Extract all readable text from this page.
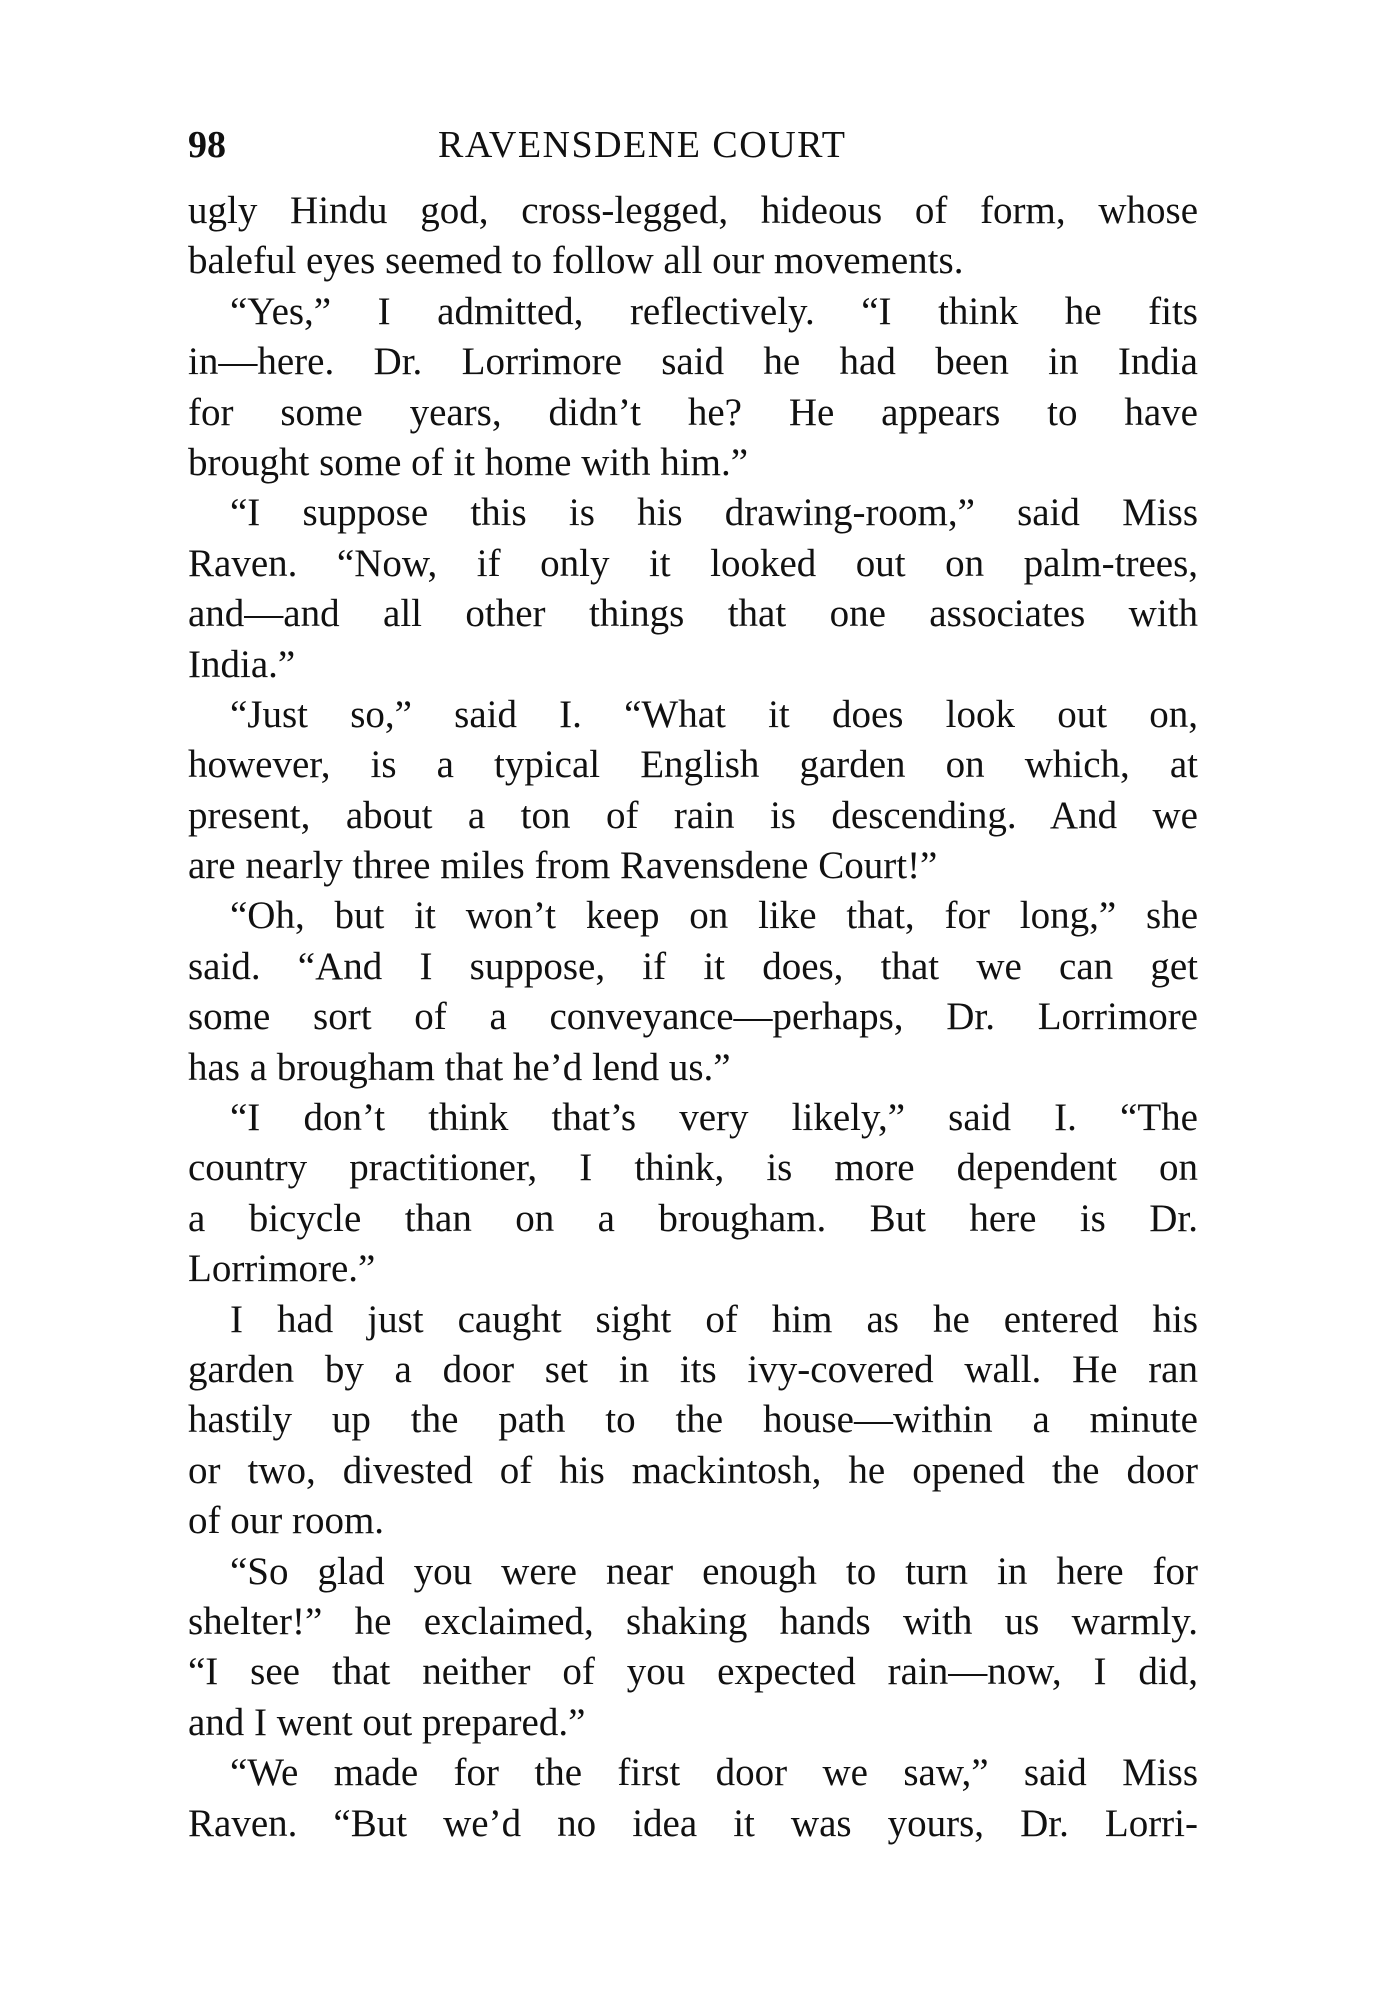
98	RAVENSDENE COURT
ugly Hindu god, cross-legged, hideous of form, whose
baleful eyes seemed to follow all our movements.
“Yes,” I admitted, reflectively. “I think he fits
in—here. Dr. Lorrimore said he had been in India
for some years, didn’t he? He appears to have
brought some of it home with him.”
“I suppose this is his drawing-room,” said Miss
Raven. “Now, if only it looked out on palm-trees,
and—and all other things that one associates with
India.”
“Just so,” said I. “What it does look out on,
however, is a typical English garden on which, at
present, about a ton of rain is descending. And we
are nearly three miles from Ravensdene Court!”
“Oh, but it won’t keep on like that, for long,” she
said. “And I suppose, if it does, that we can get
some sort of a conveyance—perhaps, Dr. Lorrimore
has a brougham that he’d lend us.”
“I don’t think that’s very likely,” said I. “The
country practitioner, I think, is more dependent on
a bicycle than on a brougham. But here is Dr.
Lorrimore.”
I had just caught sight of him as he entered his
garden by a door set in its ivy-covered wall. He ran
hastily up the path to the house—within a minute
or two, divested of his mackintosh, he opened the door
of our room.
“So glad you were near enough to turn in here for
shelter!” he exclaimed, shaking hands with us warmly.
“I see that neither of you expected rain—now, I did,
and I went out prepared.”
“We made for the first door we saw,” said Miss
Raven. “But we’d no idea it was yours, Dr. Lorri-
